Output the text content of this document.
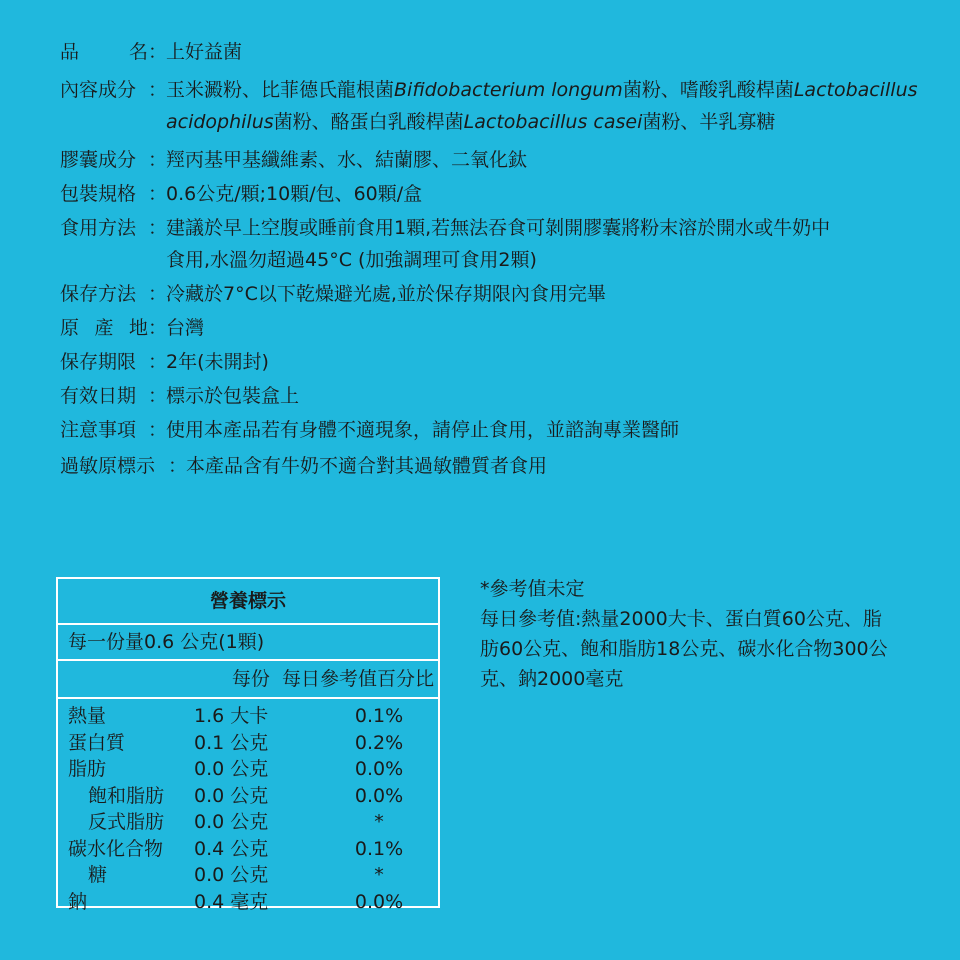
品	名 ：
上好益菌
內容成分 ：
玉米澱粉、比菲德氏龍根菌Bifidobacterium longum菌粉、嗜酸乳酸桿菌Lactobacillus
acidophilus菌粉、酪蛋白乳酸桿菌Lactobacillus casei菌粉、半乳寡糖
膠囊成分 ：
羥丙基甲基纖維素、水、結蘭膠、二氧化鈦
包裝規格 ：
0.6公克/顆;10顆/包、60顆/盒
食用方法 ：
建議於早上空腹或睡前食用1顆,若無法吞食可剝開膠囊將粉末溶於開水或牛奶中
食用,水溫勿超過45°C (加強調理可食用2顆)
保存方法 ：
冷藏於7°C以下乾燥避光處,並於保存期限內食用完畢
原 產 地 ：
台灣
保存期限 ：
2年(未開封)
有效日期 ：
標示於包裝盒上
注意事項 ：
使用本產品若有身體不適現象，請停止食用，並諮詢專業醫師
過敏原標示 ：
本產品含有牛奶不適合對其過敏體質者食用
營養標示
每一份量0.6 公克(1顆)
每份  每日參考值百分比
熱量	1.6 大卡	0.1%
蛋白質	0.1 公克	0.2%
脂肪	0.0 公克	0.0%
飽和脂肪	0.0 公克	0.0%
反式脂肪	0.0 公克	*
碳水化合物	0.4 公克	0.1%
糖	0.0 公克	*
鈉	0.4 毫克	0.0%
*參考值未定
每日參考值:熱量2000大卡、蛋白質60公克、脂
肪60公克、飽和脂肪18公克、碳水化合物300公
克、鈉2000毫克
